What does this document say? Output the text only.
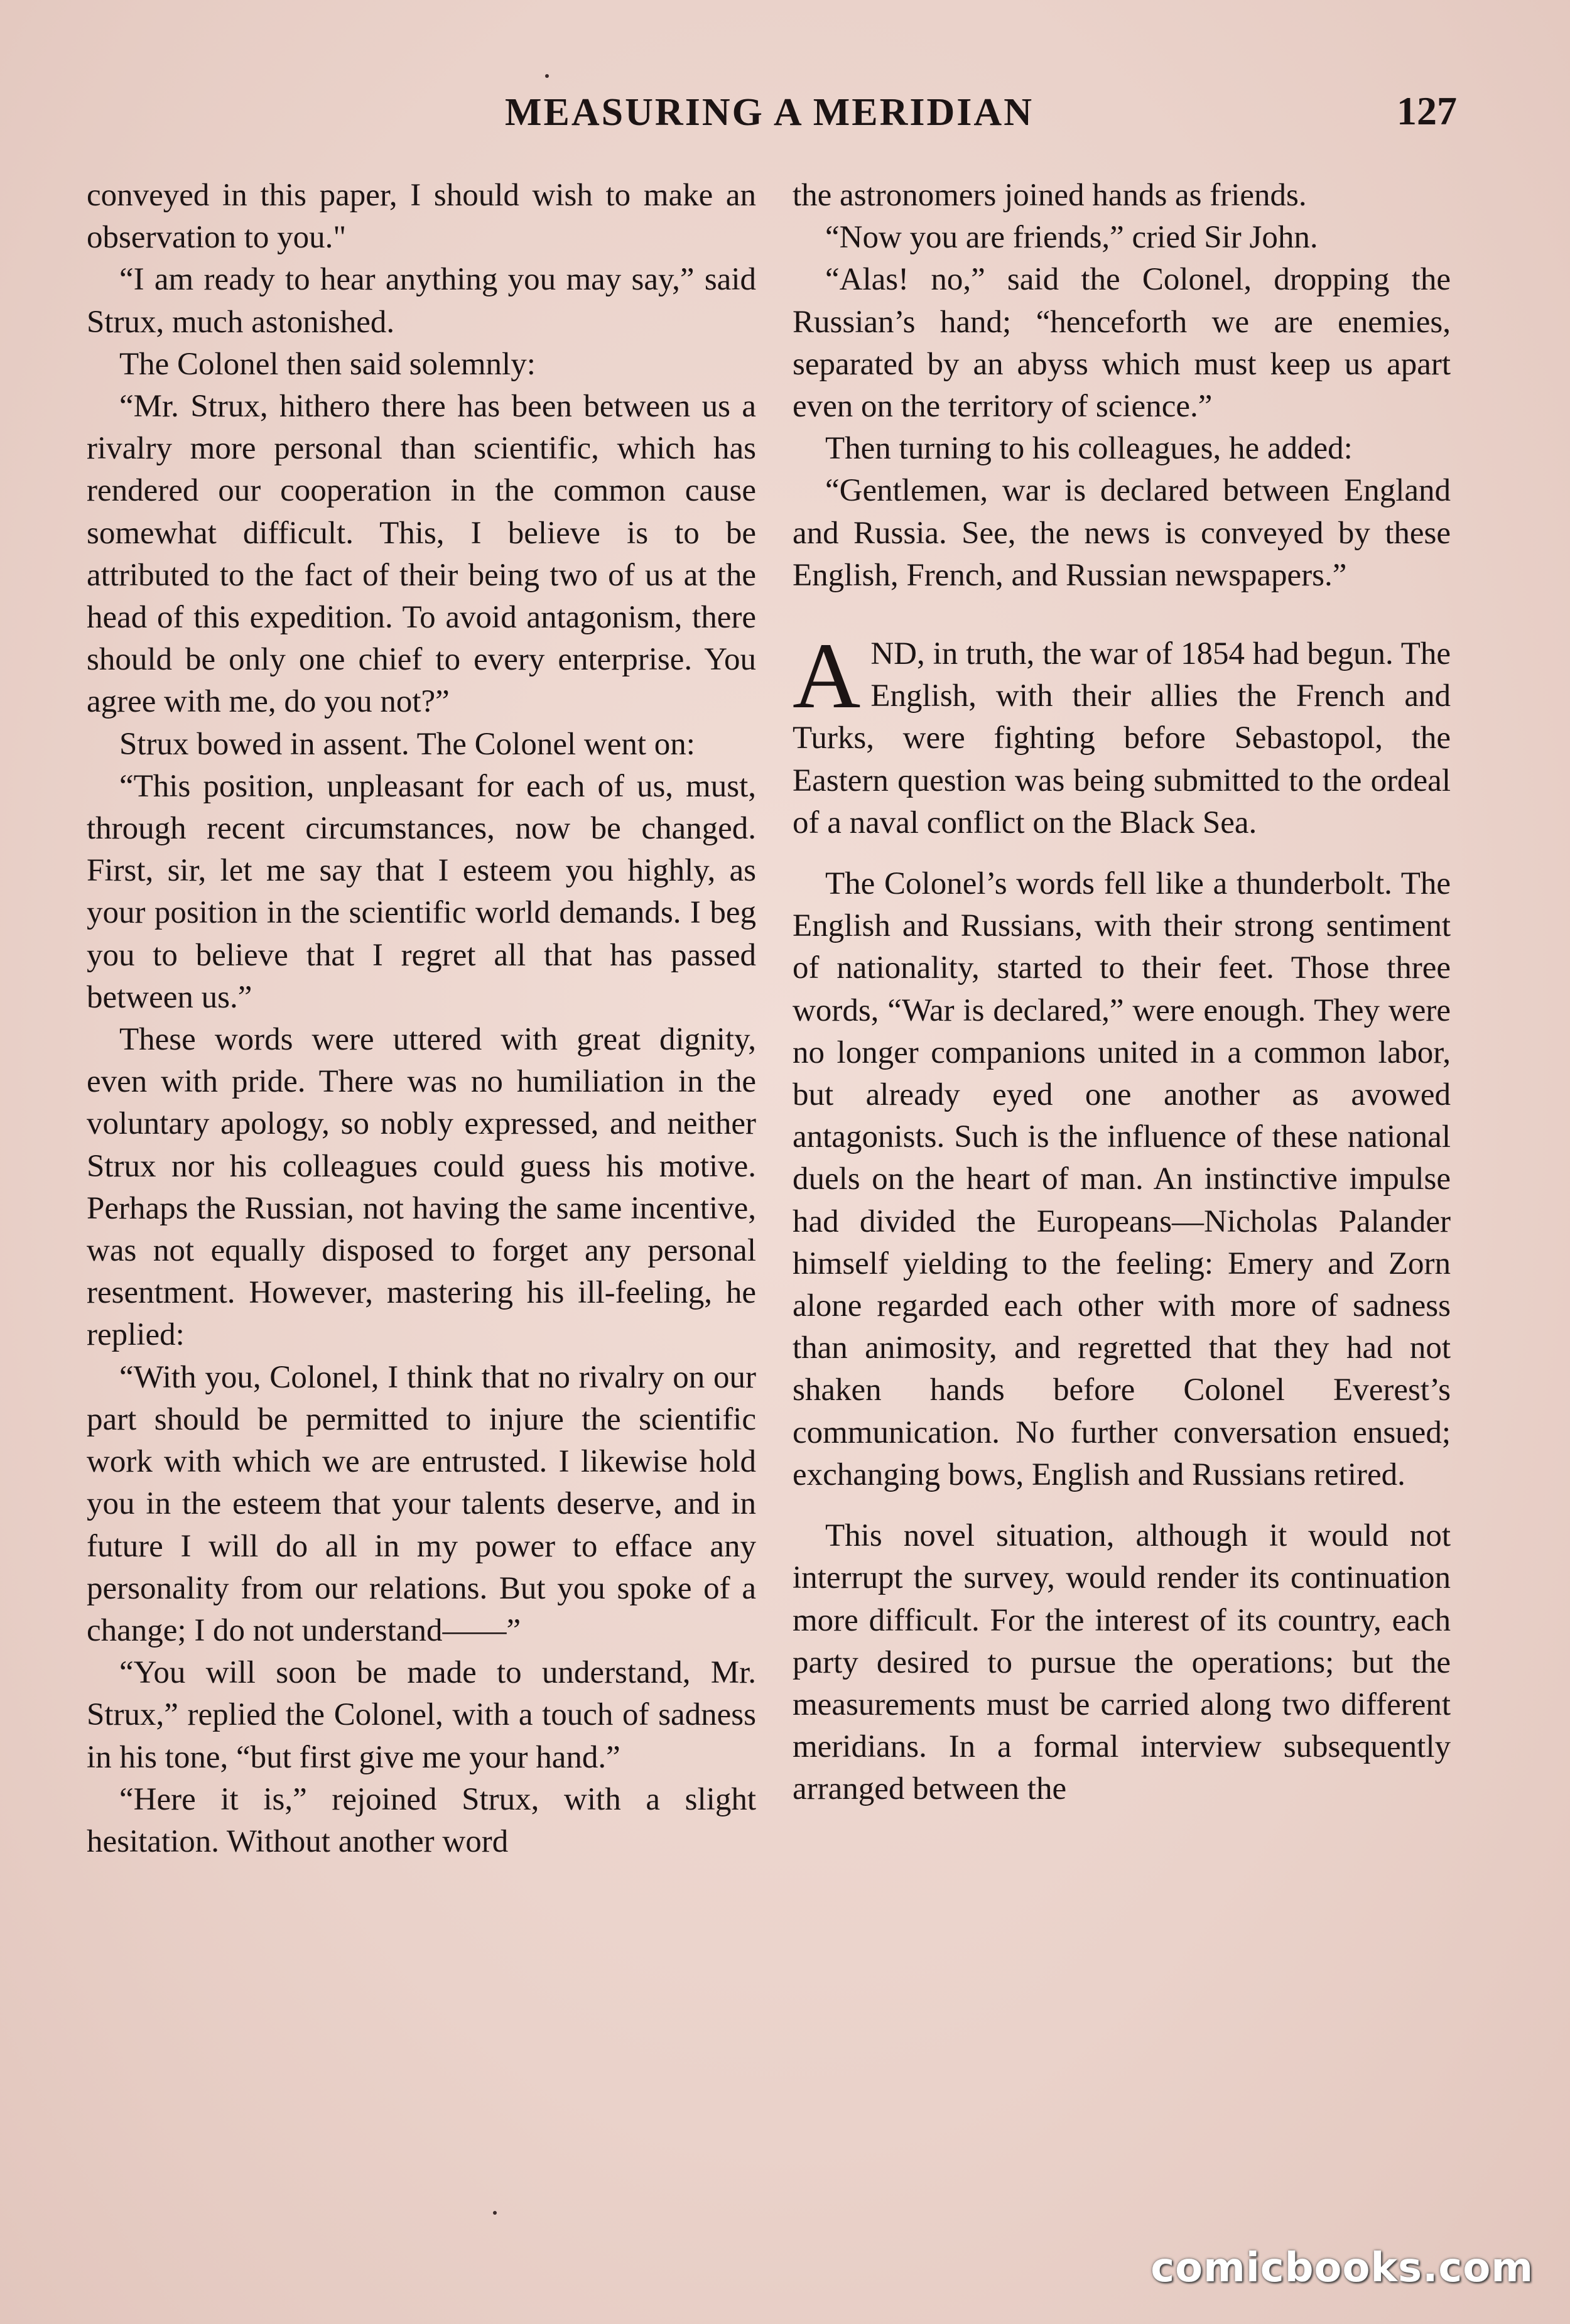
MEASURING A MERIDIAN	127

conveyed in this paper, I should wish to make an observation to you."

“I am ready to hear anything you may say,” said Strux, much astonished.

The Colonel then said solemnly:

“Mr. Strux, hithero there has been between us a rivalry more personal than scientific, which has rendered our cooperation in the common cause somewhat difficult. This, I believe is to be attributed to the fact of their being two of us at the head of this expedition. To avoid antagonism, there should be only one chief to every enterprise. You agree with me, do you not?”

Strux bowed in assent. The Colonel went on:

“This position, unpleasant for each of us, must, through recent circumstances, now be changed. First, sir, let me say that I esteem you highly, as your position in the scientific world demands. I beg you to believe that I regret all that has passed between us.”

These words were uttered with great dignity, even with pride. There was no humiliation in the voluntary apology, so nobly expressed, and neither Strux nor his colleagues could guess his motive. Perhaps the Russian, not having the same incentive, was not equally disposed to forget any personal resentment. However, mastering his ill-feeling, he replied:

“With you, Colonel, I think that no rivalry on our part should be permitted to injure the scientific work with which we are entrusted. I likewise hold you in the esteem that your talents deserve, and in future I will do all in my power to efface any personality from our relations. But you spoke of a change; I do not understand——”

“You will soon be made to understand, Mr. Strux,” replied the Colonel, with a touch of sadness in his tone, “but first give me your hand.”

“Here it is,” rejoined Strux, with a slight hesitation. Without another word

the astronomers joined hands as friends.

“Now you are friends,” cried Sir John.

“Alas! no,” said the Colonel, dropping the Russian’s hand; “henceforth we are enemies, separated by an abyss which must keep us apart even on the territory of science.”

Then turning to his colleagues, he added:

“Gentlemen, war is declared between England and Russia. See, the news is conveyed by these English, French, and Russian newspapers.”

AND, in truth, the war of 1854 had begun. The English, with their allies the French and Turks, were fighting before Sebastopol, the Eastern question was being submitted to the ordeal of a naval conflict on the Black Sea.

The Colonel’s words fell like a thunderbolt. The English and Russians, with their strong sentiment of nationality, started to their feet. Those three words, “War is declared,” were enough. They were no longer companions united in a common labor, but already eyed one another as avowed antagonists. Such is the influence of these national duels on the heart of man. An instinctive impulse had divided the Europeans—Nicholas Palander himself yielding to the feeling: Emery and Zorn alone regarded each other with more of sadness than animosity, and regretted that they had not shaken hands before Colonel Everest’s communication. No further conversation ensued; exchanging bows, English and Russians retired.

This novel situation, although it would not interrupt the survey, would render its continuation more difficult. For the interest of its country, each party desired to pursue the operations; but the measurements must be carried along two different meridians. In a formal interview subsequently arranged between the

comicbooks.com
